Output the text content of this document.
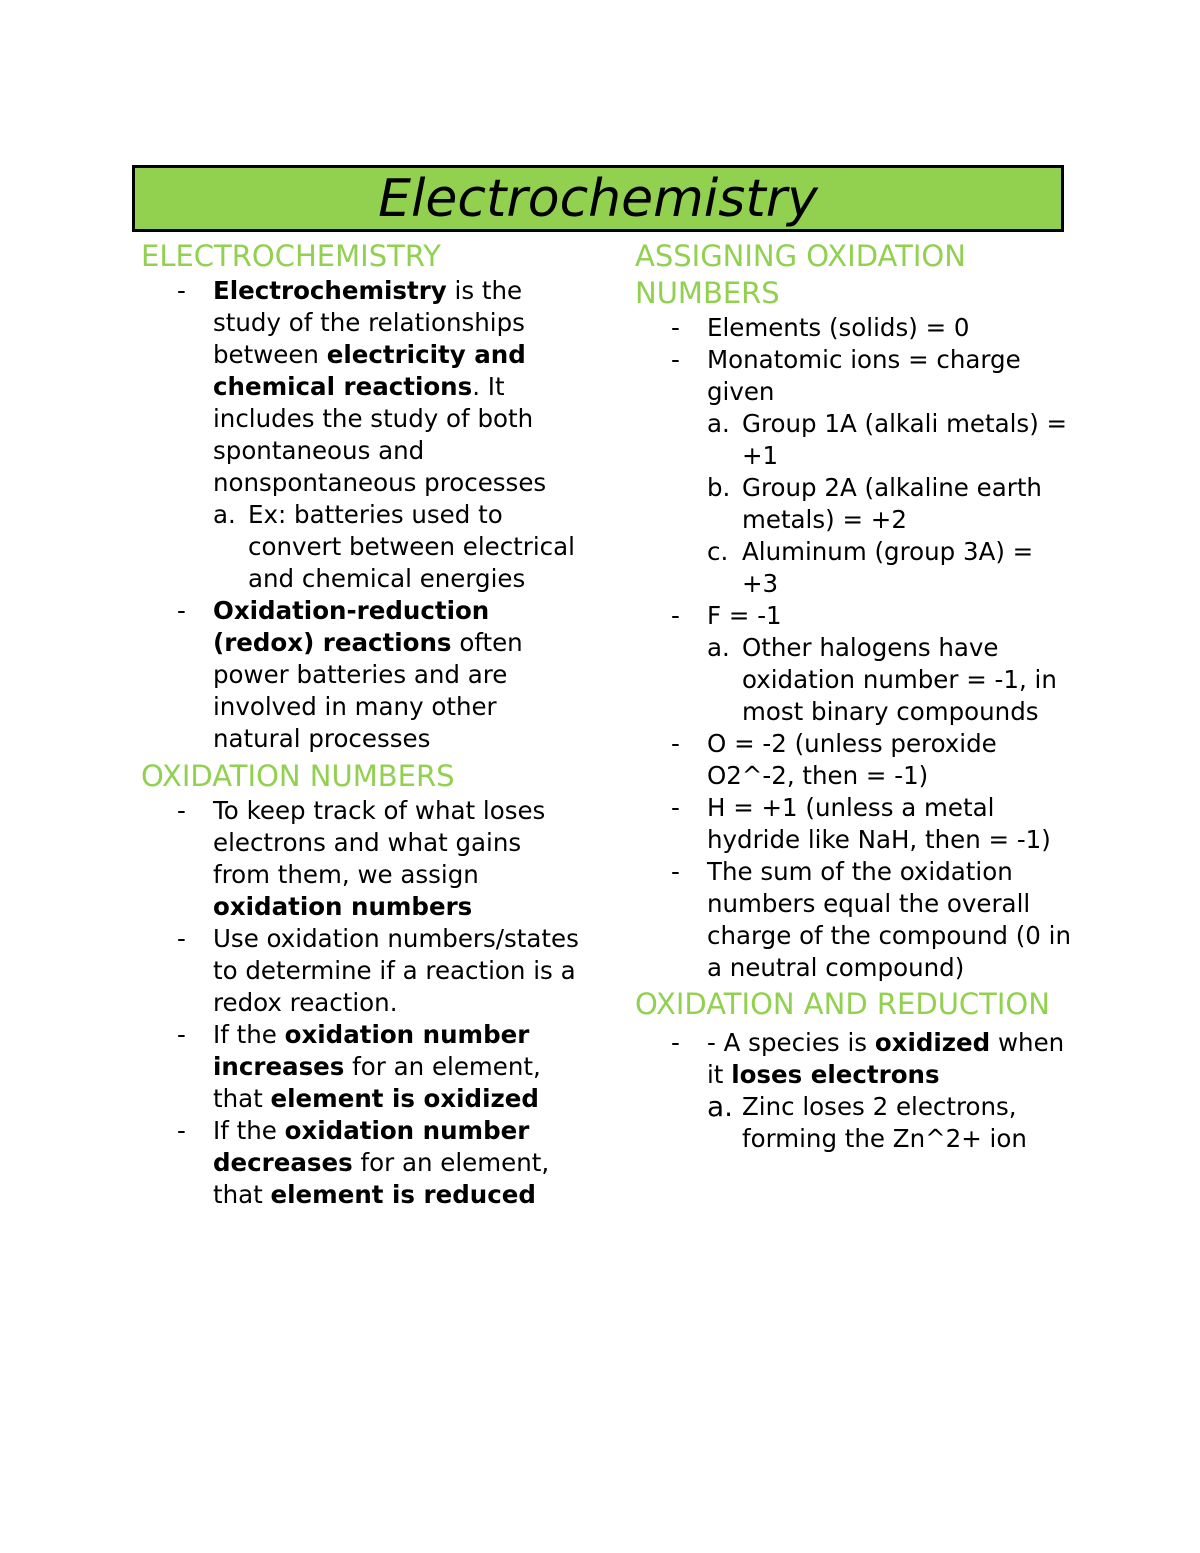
Electrochemistry
ELECTROCHEMISTRY
- Electrochemistry is the study of the relationships between electricity and chemical reactions. It includes the study of both spontaneous and nonspontaneous processes
a. Ex: batteries used to convert between electrical and chemical energies
- Oxidation-reduction (redox) reactions often power batteries and are involved in many other natural processes
OXIDATION NUMBERS
- To keep track of what loses electrons and what gains from them, we assign oxidation numbers
- Use oxidation numbers/states to determine if a reaction is a redox reaction.
- If the oxidation number increases for an element, that element is oxidized
- If the oxidation number decreases for an element, that element is reduced
ASSIGNING OXIDATION NUMBERS
- Elements (solids) = 0
- Monatomic ions = charge given
a. Group 1A (alkali metals) = +1
b. Group 2A (alkaline earth metals) = +2
c. Aluminum (group 3A) = +3
- F = -1
a. Other halogens have oxidation number = -1, in most binary compounds
- O = -2 (unless peroxide O2^-2, then = -1)
- H = +1 (unless a metal hydride like NaH, then = -1)
- The sum of the oxidation numbers equal the overall charge of the compound (0 in a neutral compound)
OXIDATION AND REDUCTION
- - A species is oxidized when it loses electrons
a. Zinc loses 2 electrons, forming the Zn^2+ ion
